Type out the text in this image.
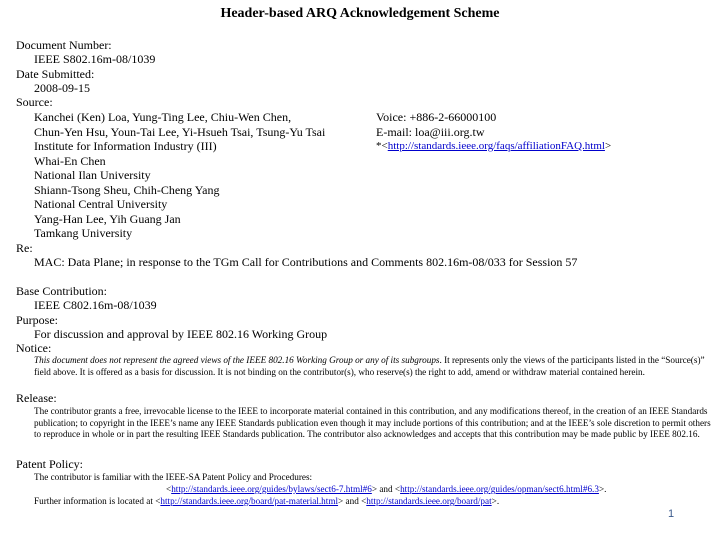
Header-based ARQ Acknowledgement Scheme
Document Number:
IEEE S802.16m-08/1039
Date Submitted:
2008-09-15
Source:
Kanchei (Ken) Loa, Yung-Ting Lee, Chiu-Wen Chen,
Chun-Yen Hsu, Youn-Tai Lee, Yi-Hsueh Tsai, Tsung-Yu Tsai
Institute for Information Industry (III)
Whai-En Chen
National Ilan University
Shiann-Tsong Sheu, Chih-Cheng Yang
National Central University
Yang-Han Lee, Yih Guang Jan
Tamkang University
Voice: +886-2-66000100
E-mail: loa@iii.org.tw
*<http://standards.ieee.org/faqs/affiliationFAQ.html>
Re:
MAC: Data Plane; in response to the TGm Call for Contributions and Comments 802.16m-08/033 for Session 57
Base Contribution:
IEEE C802.16m-08/1039
Purpose:
For discussion and approval by IEEE 802.16 Working Group
Notice:
This document does not represent the agreed views of the IEEE 802.16 Working Group or any of its subgroups. It represents only the views of the participants listed in the “Source(s)” field above. It is offered as a basis for discussion. It is not binding on the contributor(s), who reserve(s) the right to add, amend or withdraw material contained herein.
Release:
The contributor grants a free, irrevocable license to the IEEE to incorporate material contained in this contribution, and any modifications thereof, in the creation of an IEEE Standards publication; to copyright in the IEEE’s name any IEEE Standards publication even though it may include portions of this contribution; and at the IEEE’s sole discretion to permit others to reproduce in whole or in part the resulting IEEE Standards publication. The contributor also acknowledges and accepts that this contribution may be made public by IEEE 802.16.
Patent Policy:
The contributor is familiar with the IEEE-SA Patent Policy and Procedures:
<http://standards.ieee.org/guides/bylaws/sect6-7.html#6> and <http://standards.ieee.org/guides/opman/sect6.html#6.3>.
Further information is located at <http://standards.ieee.org/board/pat-material.html> and <http://standards.ieee.org/board/pat>.
1
